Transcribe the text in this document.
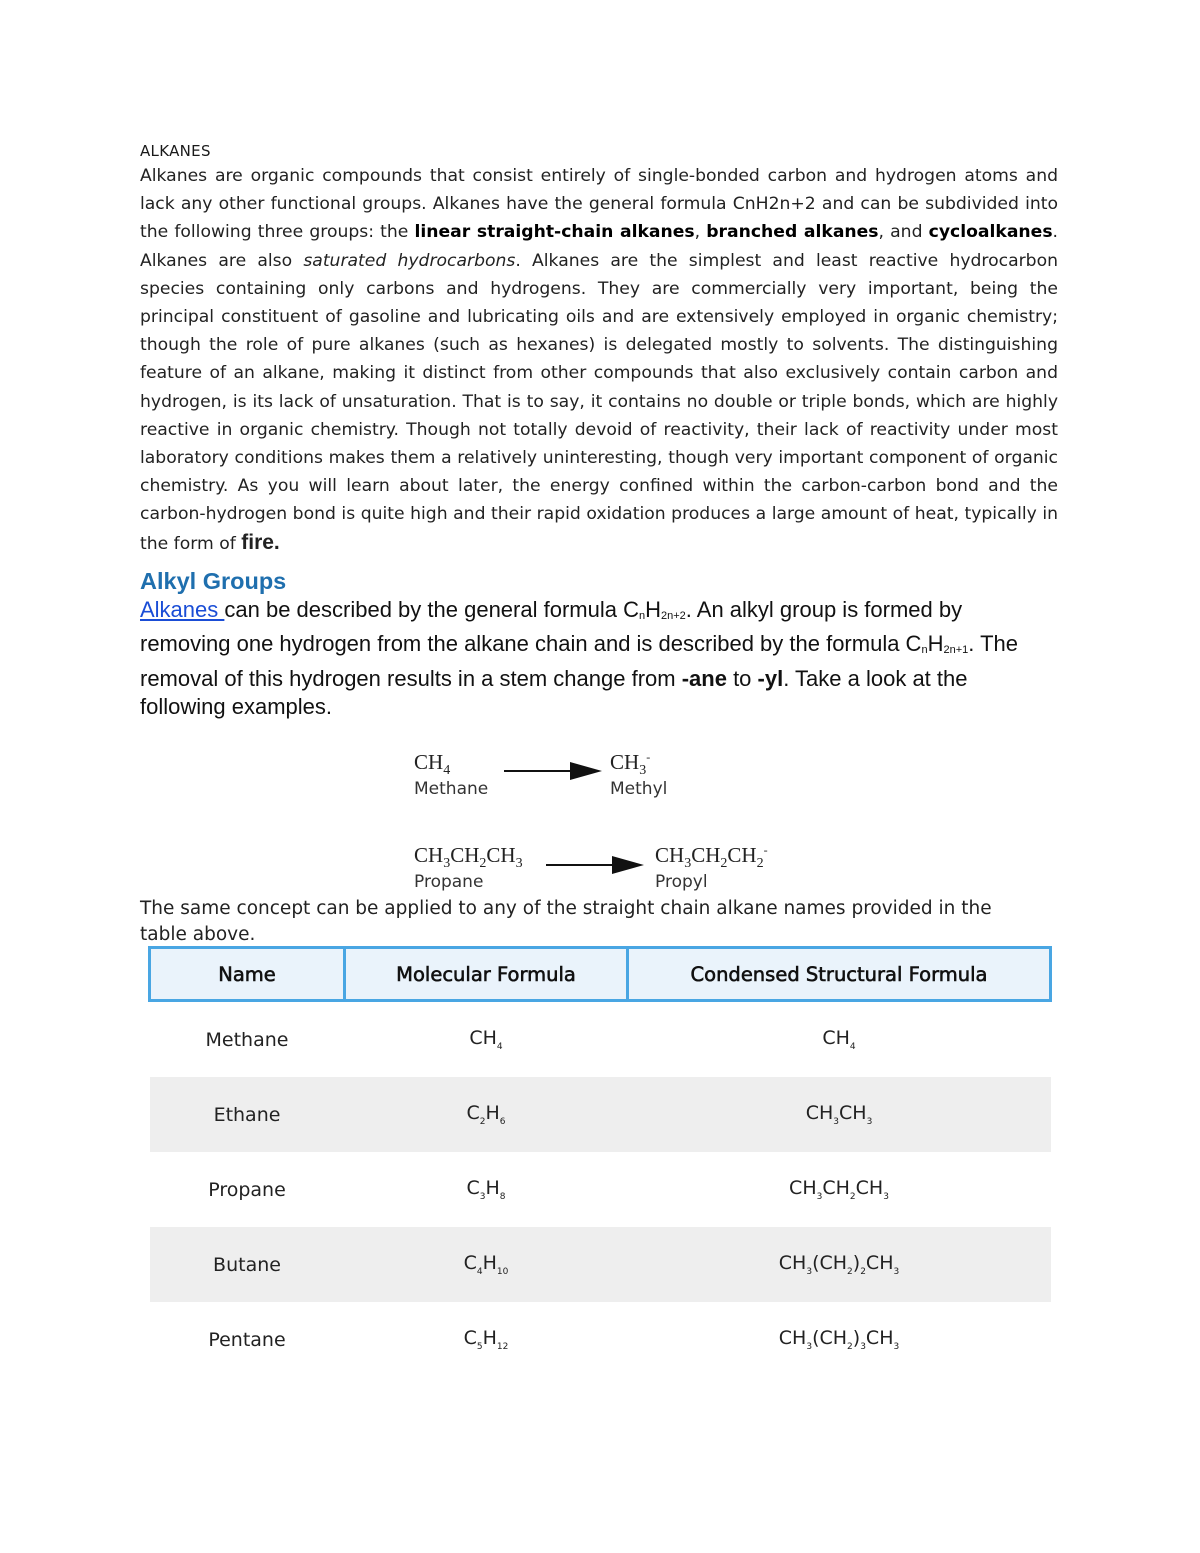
ALKANES

Alkanes are organic compounds that consist entirely of single-bonded carbon and hydrogen atoms and lack any other functional groups. Alkanes have the general formula CnH2n+2 and can be subdivided into the following three groups: the linear straight-chain alkanes, branched alkanes, and cycloalkanes. Alkanes are also saturated hydrocarbons. Alkanes are the simplest and least reactive hydrocarbon species containing only carbons and hydrogens. They are commercially very important, being the principal constituent of gasoline and lubricating oils and are extensively employed in organic chemistry; though the role of pure alkanes (such as hexanes) is delegated mostly to solvents. The distinguishing feature of an alkane, making it distinct from other compounds that also exclusively contain carbon and hydrogen, is its lack of unsaturation. That is to say, it contains no double or triple bonds, which are highly reactive in organic chemistry. Though not totally devoid of reactivity, their lack of reactivity under most laboratory conditions makes them a relatively uninteresting, though very important component of organic chemistry. As you will learn about later, the energy confined within the carbon-carbon bond and the carbon-hydrogen bond is quite high and their rapid oxidation produces a large amount of heat, typically in the form of fire.

Alkyl Groups

Alkanes can be described by the general formula CnH2n+2. An alkyl group is formed by removing one hydrogen from the alkane chain and is described by the formula CnH2n+1. The removal of this hydrogen results in a stem change from -ane to -yl. Take a look at the following examples.

$CH_4$
Methane
$CH_3^-$
Methyl
$CH_3CH_2CH_3$
Propane
$CH_3CH_2CH_2^-$
Propyl

The same concept can be applied to any of the straight chain alkane names provided in the table above.

Name	Molecular Formula	Condensed Structural Formula
Methane	$CH_4$	$CH_4$
Ethane	$C_2H_6$	$CH_3CH_3$
Propane	$C_3H_8$	$CH_3CH_2CH_3$
Butane	$C_4H_{10}$	$CH_3(CH_2)_2CH_3$
Pentane	$C_5H_{12}$	$CH_3(CH_2)_3CH_3$
